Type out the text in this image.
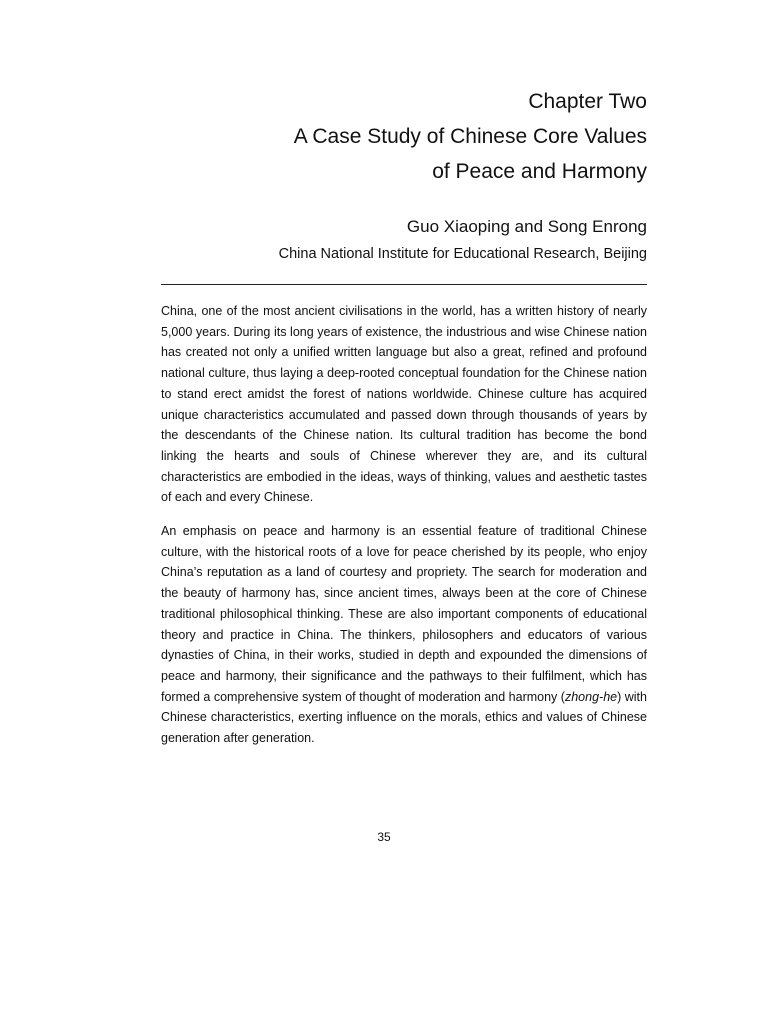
Chapter Two
A Case Study of Chinese Core Values
of Peace and Harmony

Guo Xiaoping and Song Enrong

China National Institute for Educational Research, Beijing

China, one of the most ancient civilisations in the world, has a written history of nearly 5,000 years. During its long years of existence, the industrious and wise Chinese nation has created not only a unified written language but also a great, refined and profound national culture, thus laying a deep-rooted conceptual foundation for the Chinese nation to stand erect amidst the forest of nations worldwide. Chinese culture has acquired unique characteristics accumulated and passed down through thousands of years by the descendants of the Chinese nation. Its cultural tradition has become the bond linking the hearts and souls of Chinese wherever they are, and its cultural characteristics are embodied in the ideas, ways of thinking, values and aesthetic tastes of each and every Chinese.

An emphasis on peace and harmony is an essential feature of traditional Chinese culture, with the historical roots of a love for peace cherished by its people, who enjoy China’s reputation as a land of courtesy and propriety. The search for moderation and the beauty of harmony has, since ancient times, always been at the core of Chinese traditional philosophical thinking. These are also important components of educational theory and practice in China. The thinkers, philosophers and educators of various dynasties of China, in their works, studied in depth and expounded the dimensions of peace and harmony, their significance and the pathways to their fulfilment, which has formed a comprehensive system of thought of moderation and harmony (zhong-he) with Chinese characteristics, exerting influence on the morals, ethics and values of Chinese generation after generation.

35
